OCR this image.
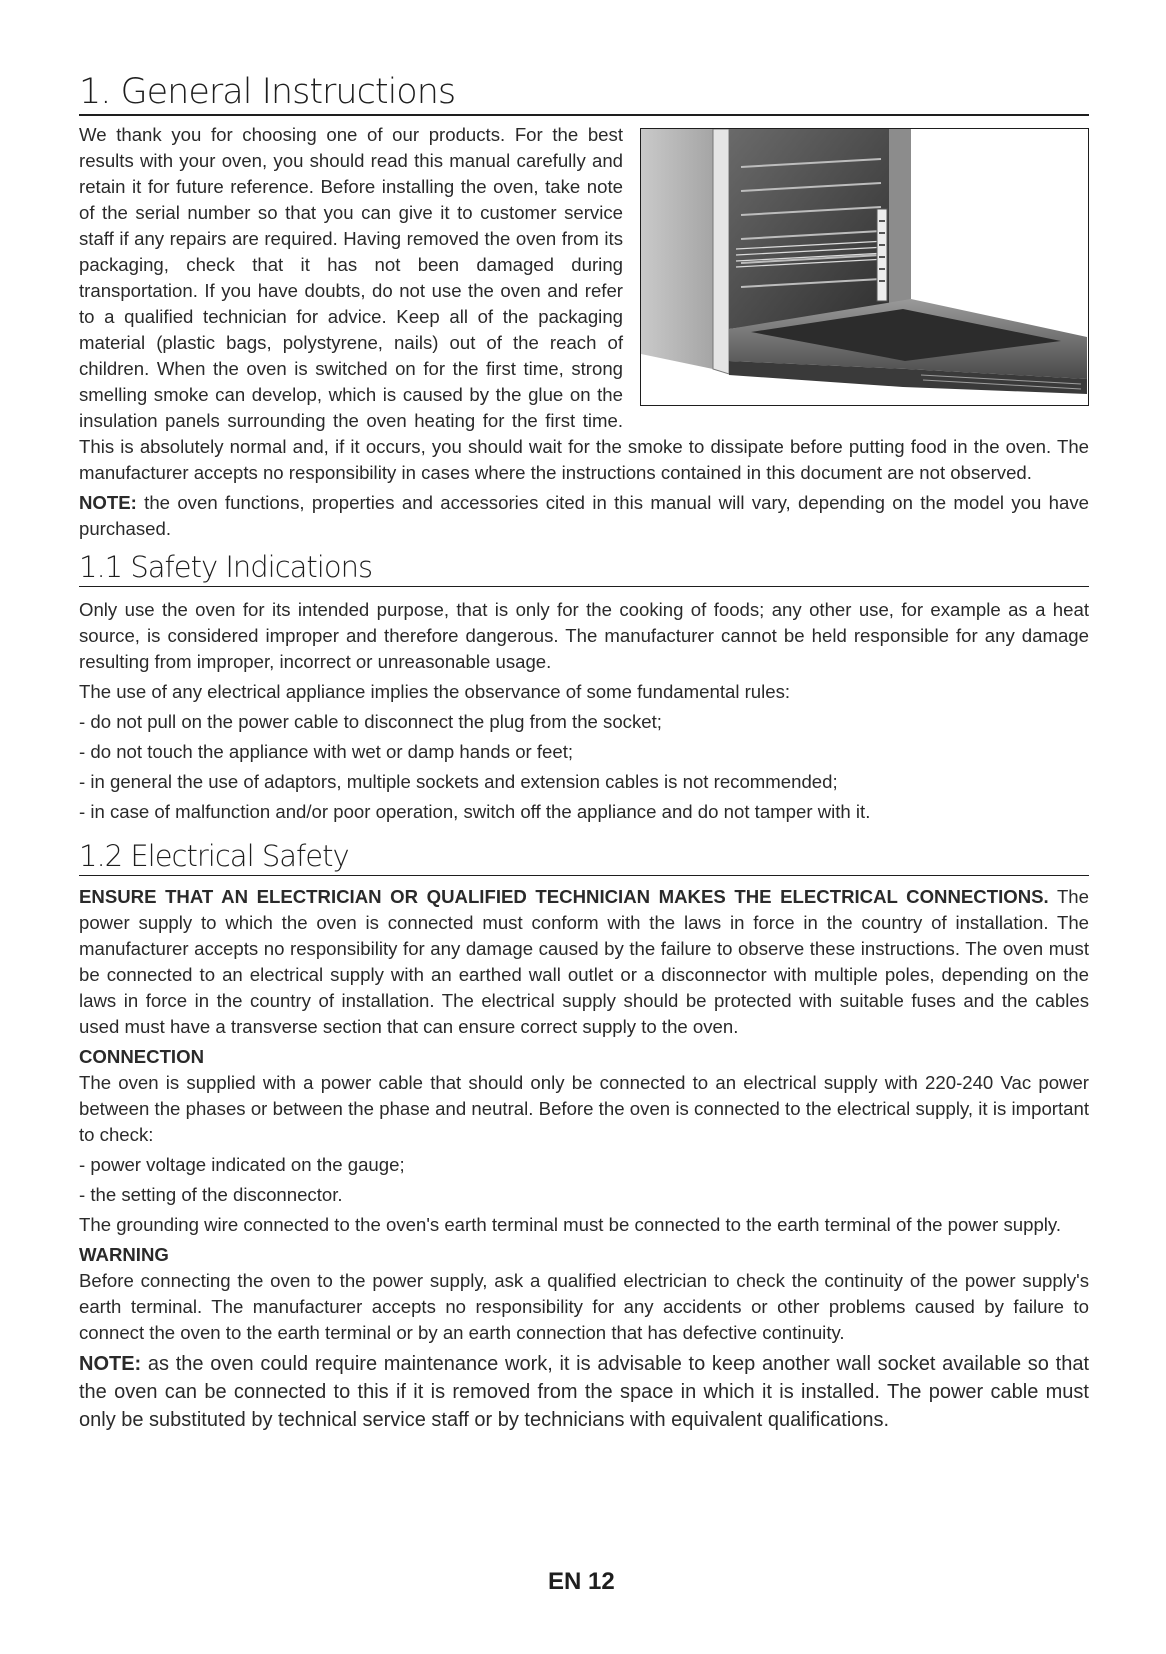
1. General Instructions

We thank you for choosing one of our products. For the best results with your oven, you should read this manual carefully and retain it for future reference. Before installing the oven, take note of the serial number so that you can give it to customer service staff if any repairs are required. Having removed the oven from its packaging, check that it has not been damaged during transportation. If you have doubts, do not use the oven and refer to a qualified technician for advice. Keep all of the packaging material (plastic bags, polystyrene, nails) out of the reach of children. When the oven is switched on for the first time, strong smelling smoke can develop, which is caused by the glue on the insulation panels surrounding the oven heating for the first time. This is absolutely normal and, if it occurs, you should wait for the smoke to dissipate before putting food in the oven. The manufacturer accepts no responsibility in cases where the instructions contained in this document are not observed.

NOTE: the oven functions, properties and accessories cited in this manual will vary, depending on the model you have purchased.

1.1 Safety Indications

Only use the oven for its intended purpose, that is only for the cooking of foods; any other use, for example as a heat source, is considered improper and therefore dangerous. The manufacturer cannot be held responsible for any damage resulting from improper, incorrect or unreasonable usage.

The use of any electrical appliance implies the observance of some fundamental rules:

- do not pull on the power cable to disconnect the plug from the socket;

- do not touch the appliance with wet or damp hands or feet;

- in general the use of adaptors, multiple sockets and extension cables is not recommended;

- in case of malfunction and/or poor operation, switch off the appliance and do not tamper with it.

1.2 Electrical Safety

ENSURE THAT AN ELECTRICIAN OR QUALIFIED TECHNICIAN MAKES THE ELECTRICAL CONNECTIONS. The power supply to which the oven is connected must conform with the laws in force in the country of installation. The manufacturer accepts no responsibility for any damage caused by the failure to observe these instructions. The oven must be connected to an electrical supply with an earthed wall outlet or a disconnector with multiple poles, depending on the laws in force in the country of installation. The electrical supply should be protected with suitable fuses and the cables used must have a transverse section that can ensure correct supply to the oven.

CONNECTION

The oven is supplied with a power cable that should only be connected to an electrical supply with 220-240 Vac power between the phases or between the phase and neutral. Before the oven is connected to the electrical supply, it is important to check:

- power voltage indicated on the gauge;

- the setting of the disconnector.

The grounding wire connected to the oven's earth terminal must be connected to the earth terminal of the power supply.

WARNING

Before connecting the oven to the power supply, ask a qualified electrician to check the continuity of the power supply's earth terminal. The manufacturer accepts no responsibility for any accidents or other problems caused by failure to connect the oven to the earth terminal or by an earth connection that has defective continuity.

NOTE: as the oven could require maintenance work, it is advisable to keep another wall socket available so that the oven can be connected to this if it is removed from the space in which it is installed. The power cable must only be substituted by technical service staff or by technicians with equivalent qualifications.

EN 12
